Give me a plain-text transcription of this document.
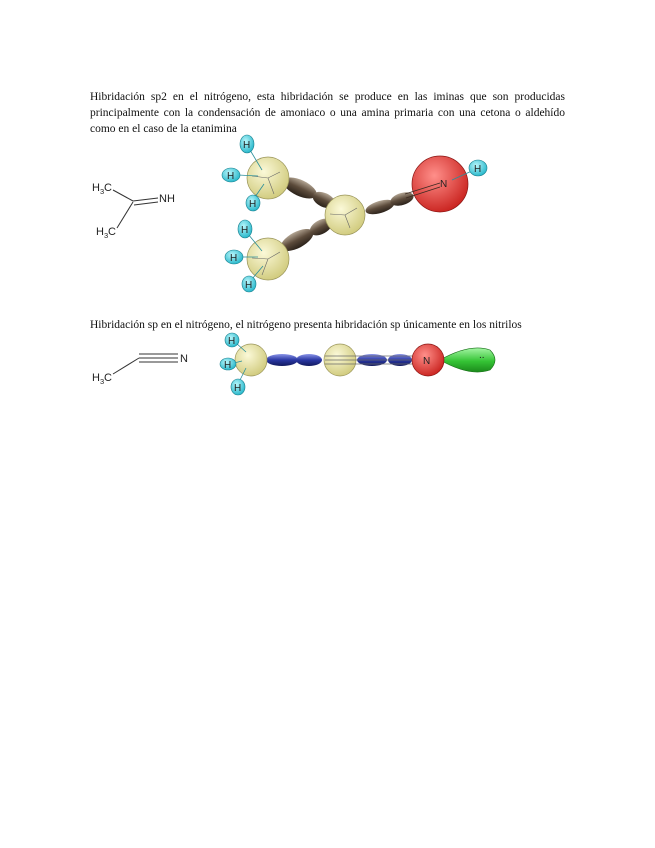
Hibridación sp2 en el nitrógeno, esta hibridación se produce en las iminas que son producidas principalmente con la condensación de amoniaco o una amina primaria con una cetona o aldehído como en el caso de la etanimina

H 3 C
H 3 C
NH
N
H
H
H
H
H
H
H
H 3 C
N	..
N
H
H
H

Hibridación sp en el nitrógeno, el nitrógeno presenta hibridación sp únicamente en los nitrilos
